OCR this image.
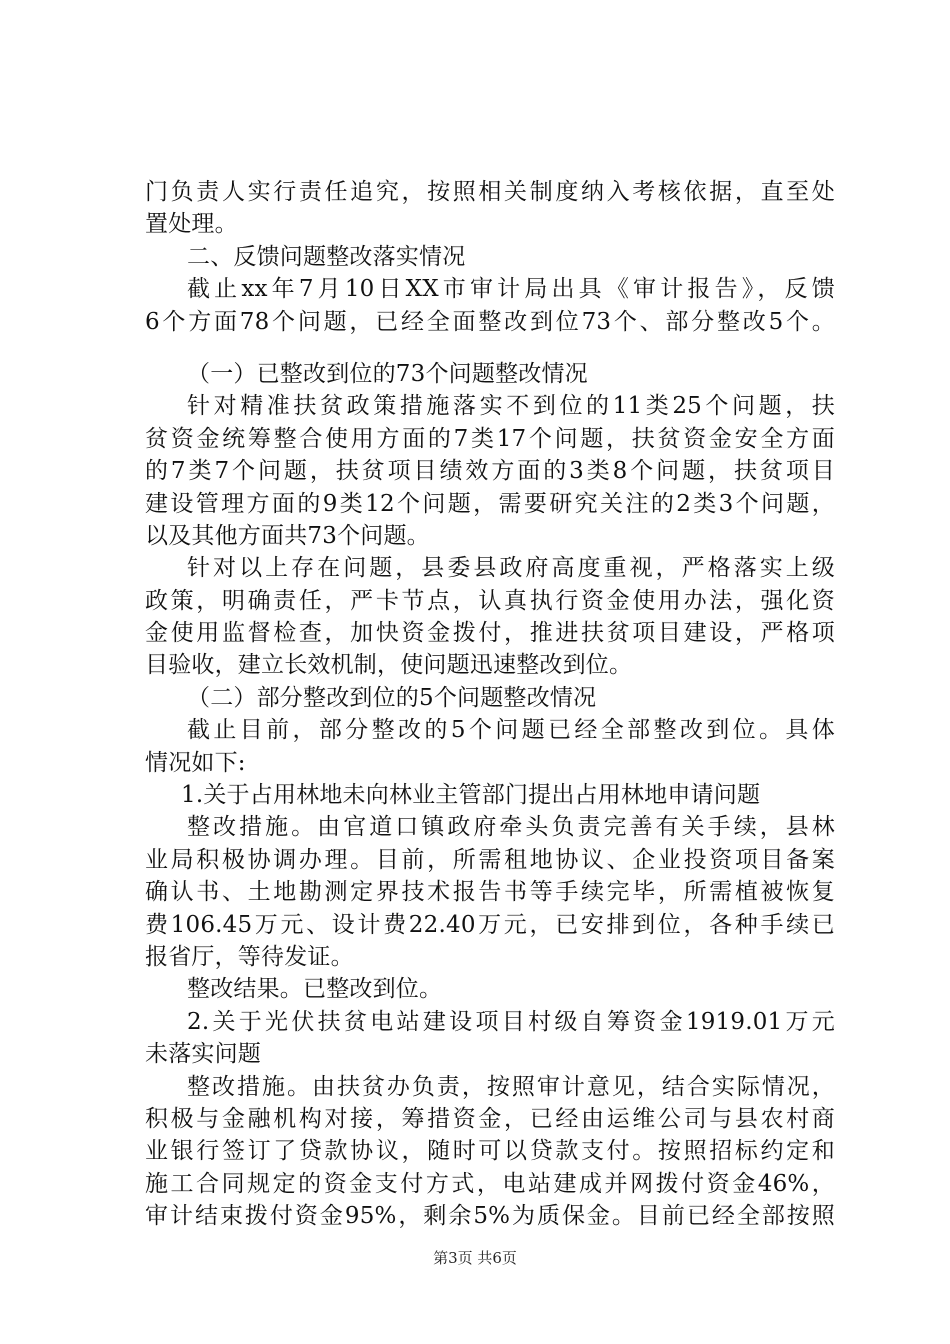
门负责人实行责任追究，按照相关制度纳入考核依据，直至处
置处理。
二、反馈问题整改落实情况
截止xx年7月10日XX市审计局出具《审计报告》，反馈
6个方面78个问题，已经全面整改到位73个、部分整改5个。
（一）已整改到位的73个问题整改情况
针对精准扶贫政策措施落实不到位的11类25个问题，扶
贫资金统筹整合使用方面的7类17个问题，扶贫资金安全方面
的7类7个问题，扶贫项目绩效方面的3类8个问题，扶贫项目
建设管理方面的9类12个问题，需要研究关注的2类3个问题，
以及其他方面共73个问题。
针对以上存在问题，县委县政府高度重视，严格落实上级
政策，明确责任，严卡节点，认真执行资金使用办法，强化资
金使用监督检查，加快资金拨付，推进扶贫项目建设，严格项
目验收，建立长效机制，使问题迅速整改到位。
（二）部分整改到位的5个问题整改情况
截止目前，部分整改的5个问题已经全部整改到位。具体
情况如下:
1.关于占用林地未向林业主管部门提出占用林地申请问题
整改措施。由官道口镇政府牵头负责完善有关手续，县林
业局积极协调办理。目前，所需租地协议、企业投资项目备案
确认书、土地勘测定界技术报告书等手续完毕，所需植被恢复
费106.45万元、设计费22.40万元，已安排到位，各种手续已
报省厅，等待发证。
整改结果。已整改到位。
2.关于光伏扶贫电站建设项目村级自筹资金1919.01万元
未落实问题
整改措施。由扶贫办负责，按照审计意见，结合实际情况，
积极与金融机构对接，筹措资金，已经由运维公司与县农村商
业银行签订了贷款协议，随时可以贷款支付。按照招标约定和
施工合同规定的资金支付方式，电站建成并网拨付资金46%，
审计结束拨付资金95%，剩余5%为质保金。目前已经全部按照
第3页 共6页
